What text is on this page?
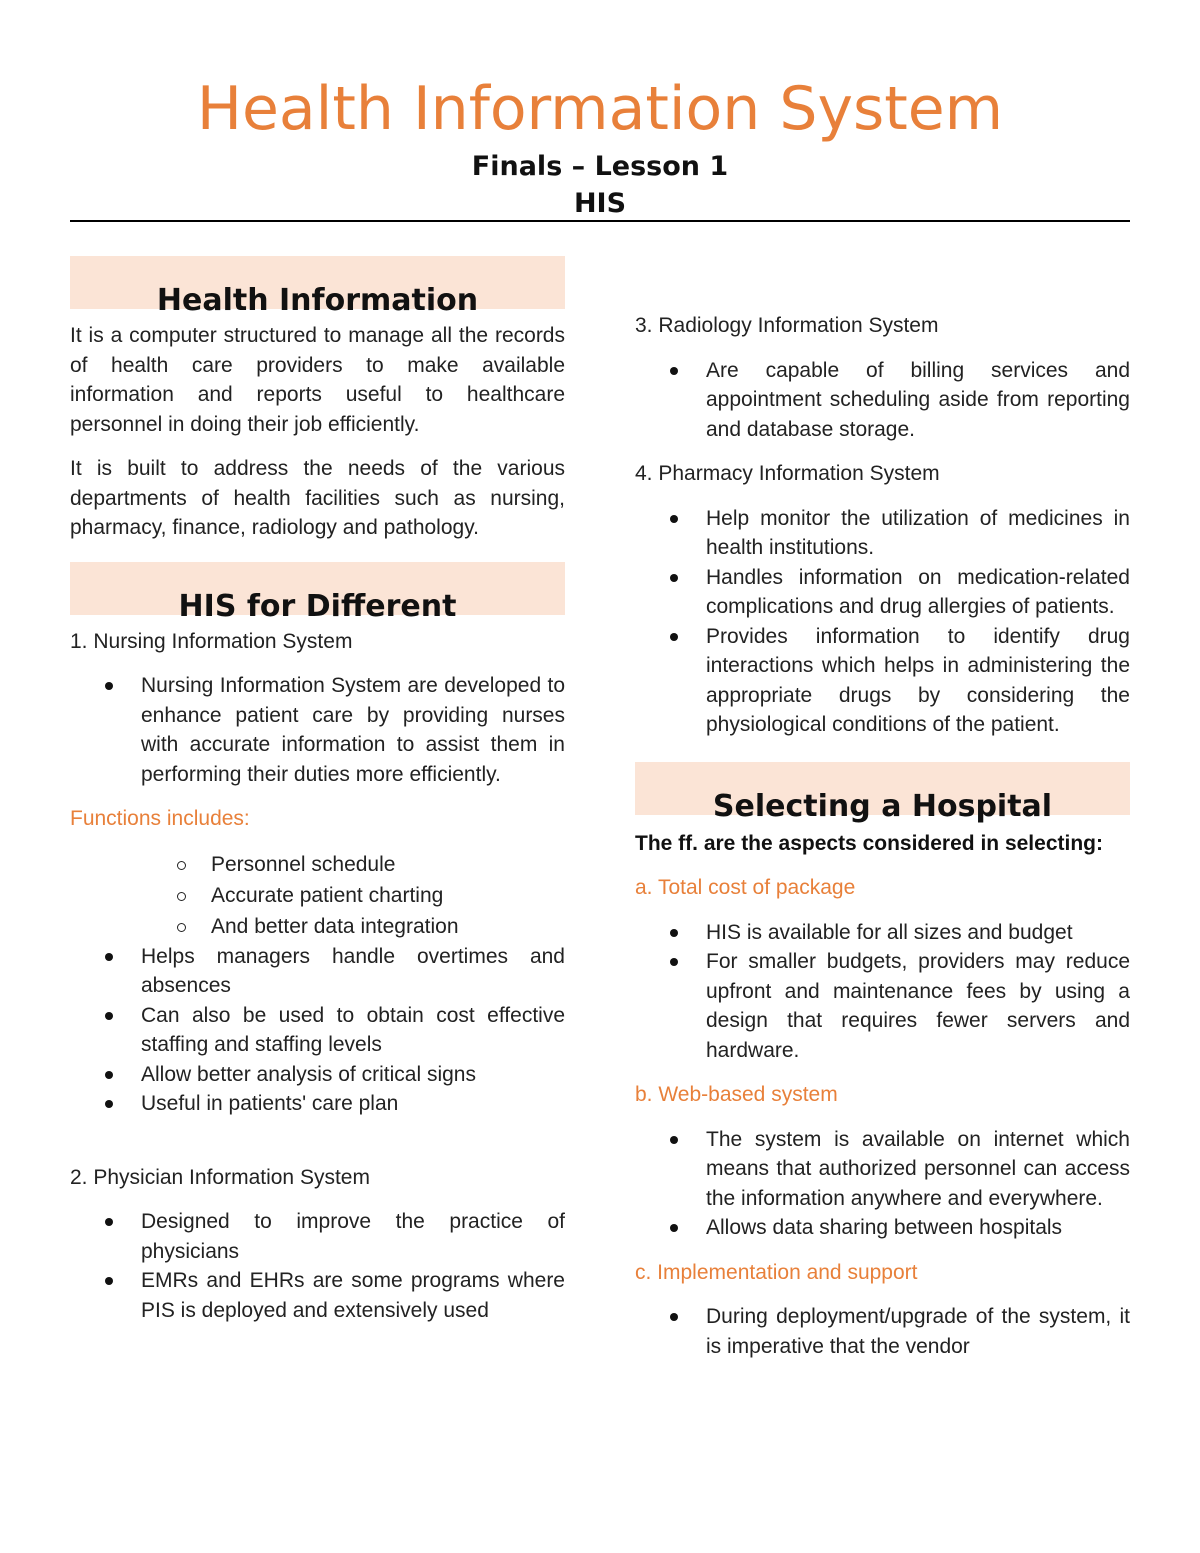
Health Information System
Finals – Lesson 1
HIS
Health Information

It is a computer structured to manage all the records of health care providers to make available information and reports useful to healthcare personnel in doing their job efficiently.

It is built to address the needs of the various departments of health facilities such as nursing, pharmacy, finance, radiology and pathology.

HIS for Different

1. Nursing Information System

Nursing Information System are developed to enhance patient care by providing nurses with accurate information to assist them in performing their duties more efficiently.

Functions includes:

Personnel schedule
Accurate patient charting
And better data integration
Helps managers handle overtimes and absences
Can also be used to obtain cost effective staffing and staffing levels
Allow better analysis of critical signs
Useful in patients' care plan

2. Physician Information System

Designed to improve the practice of physicians
EMRs and EHRs are some programs where PIS is deployed and extensively used

3. Radiology Information System

Are capable of billing services and appointment scheduling aside from reporting and database storage.

4. Pharmacy Information System

Help monitor the utilization of medicines in health institutions.
Handles information on medication-related complications and drug allergies of patients.
Provides information to identify drug interactions which helps in administering the appropriate drugs by considering the physiological conditions of the patient.
Selecting a Hospital

The ff. are the aspects considered in selecting:

a. Total cost of package

HIS is available for all sizes and budget
For smaller budgets, providers may reduce upfront and maintenance fees by using a design that requires fewer servers and hardware.

b. Web-based system

The system is available on internet which means that authorized personnel can access the information anywhere and everywhere.
Allows data sharing between hospitals

c. Implementation and support

During deployment/upgrade of the system, it is imperative that the vendor
